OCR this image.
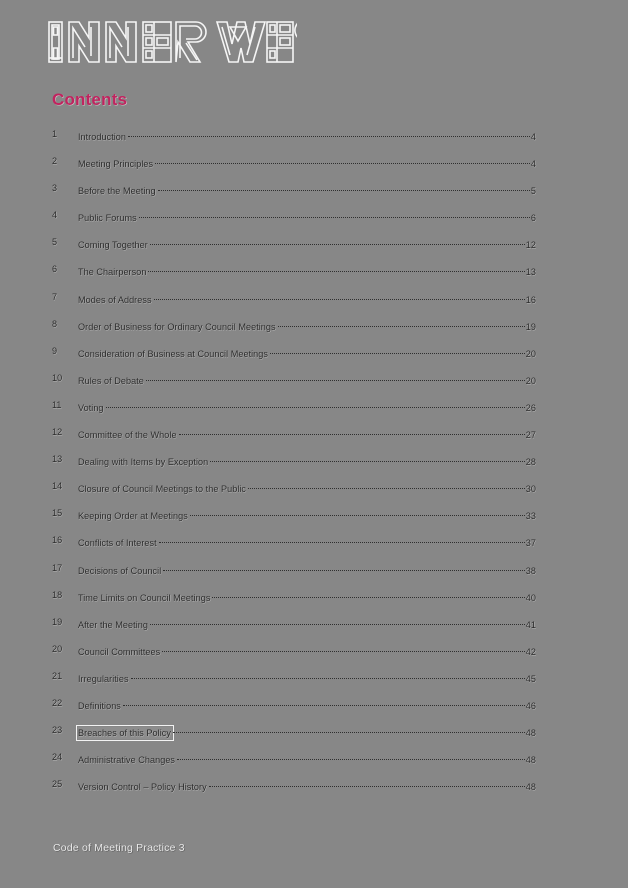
Contents
1	Introduction	4
2	Meeting Principles	4
3	Before the Meeting	5
4	Public Forums	6
5	Coming Together	12
6	The Chairperson	13
7	Modes of Address	16
8	Order of Business for Ordinary Council Meetings	19
9	Consideration of Business at Council Meetings	20
10	Rules of Debate	20
11	Voting	26
12	Committee of the Whole	27
13	Dealing with Items by Exception	28
14	Closure of Council Meetings to the Public	30
15	Keeping Order at Meetings	33
16	Conflicts of Interest	37
17	Decisions of Council	38
18	Time Limits on Council Meetings	40
19	After the Meeting	41
20	Council Committees	42
21	Irregularities	45
22	Definitions	46
23	Breaches of this Policy	48
24	Administrative Changes	48
25	Version Control – Policy History	48
Code of Meeting Practice 3
